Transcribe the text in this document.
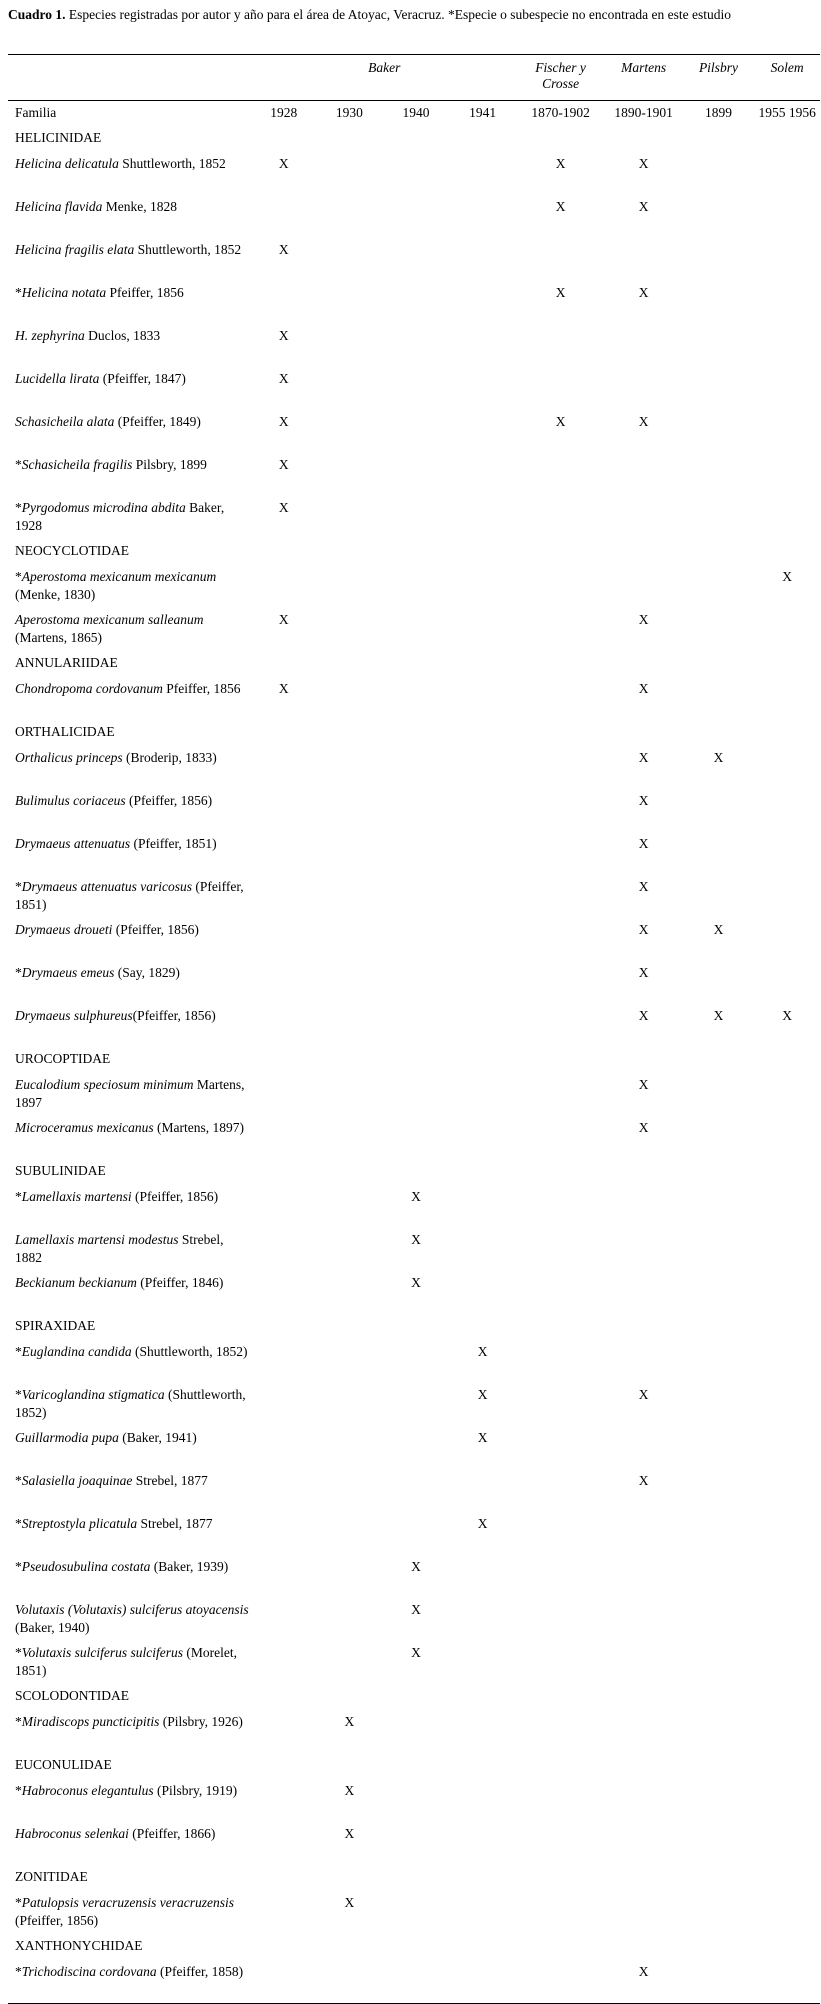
Cuadro 1. Especies registradas por autor y año para el área de Atoyac, Veracruz. *Especie o subespecie no encontrada en este estudio
	Baker				Fischer y Crosse	Martens	Pilsbry	Solem
Familia	1928	1930	1940	1941	1870-1902	1890-1901	1899	1955 1956
HELICINIDAE								
Helicina delicatula Shuttleworth, 1852	X				X	X		
Helicina flavida Menke, 1828					X	X		
Helicina fragilis elata Shuttleworth, 1852	X							
*Helicina notata Pfeiffer, 1856					X	X		
H. zephyrina Duclos, 1833	X							
Lucidella lirata (Pfeiffer, 1847)	X							
Schasicheila alata (Pfeiffer, 1849)	X				X	X		
*Schasicheila fragilis Pilsbry, 1899	X							
*Pyrgodomus microdina abdita Baker, 1928	X							
NEOCYCLOTIDAE								
*Aperostoma mexicanum mexicanum (Menke, 1830)								X
Aperostoma mexicanum salleanum (Martens, 1865)	X					X		
ANNULARIIDAE								
Chondropoma cordovanum Pfeiffer, 1856	X					X		
ORTHALICIDAE								
Orthalicus princeps (Broderip, 1833)						X	X	
Bulimulus coriaceus (Pfeiffer, 1856)						X		
Drymaeus attenuatus (Pfeiffer, 1851)						X		
*Drymaeus attenuatus varicosus (Pfeiffer, 1851)						X		
Drymaeus droueti (Pfeiffer, 1856)						X	X	
*Drymaeus emeus (Say, 1829)						X		
Drymaeus sulphureus(Pfeiffer, 1856)						X	X	X
UROCOPTIDAE								
Eucalodium speciosum minimum Martens, 1897						X		
Microceramus mexicanus (Martens, 1897)						X		
SUBULINIDAE								
*Lamellaxis martensi (Pfeiffer, 1856)			X					
Lamellaxis martensi modestus Strebel, 1882			X					
Beckianum beckianum (Pfeiffer, 1846)			X					
SPIRAXIDAE								
*Euglandina candida (Shuttleworth, 1852)				X				
*Varicoglandina stigmatica (Shuttleworth, 1852)				X		X		
Guillarmodia pupa (Baker, 1941)				X				
*Salasiella joaquinae Strebel, 1877						X		
*Streptostyla plicatula Strebel, 1877				X				
*Pseudosubulina costata (Baker, 1939)			X					
Volutaxis (Volutaxis) sulciferus atoyacensis (Baker, 1940)			X					
*Volutaxis sulciferus sulciferus (Morelet, 1851)			X					
SCOLODONTIDAE								
*Miradiscops puncticipitis (Pilsbry, 1926)		X						
EUCONULIDAE								
*Habroconus elegantulus (Pilsbry, 1919)		X						
Habroconus selenkai (Pfeiffer, 1866)		X						
ZONITIDAE								
*Patulopsis veracruzensis veracruzensis (Pfeiffer, 1856)		X						
XANTHONYCHIDAE								
*Trichodiscina cordovana (Pfeiffer, 1858)						X		
